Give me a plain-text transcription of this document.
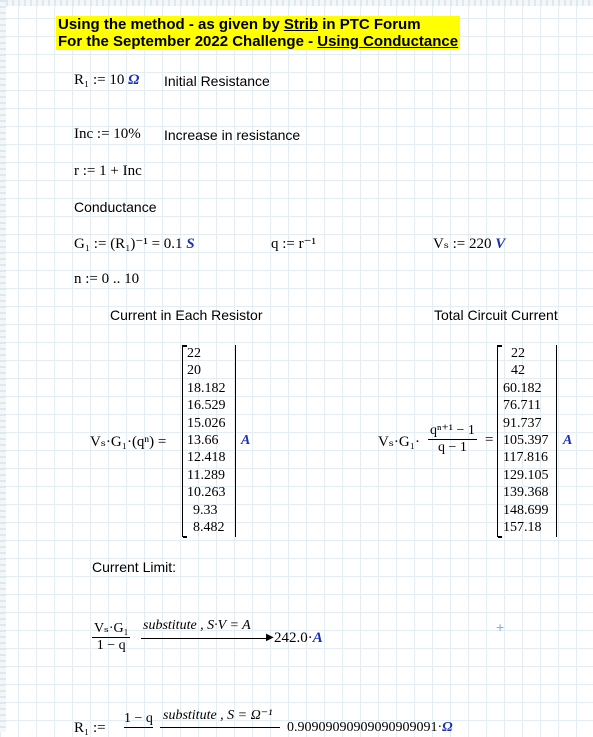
Using the method - as given by Strib in PTC Forum
For the September 2022 Challenge - Using Conductance
R₁ := 10 Ω Initial Resistance
Inc := 10% Increase in resistance
r := 1 + Inc
Conductance
G₁ := (R₁)⁻¹ = 0.1 S	q := r⁻¹	Vₛ := 220 V
n := 0 .. 10
Current in Each Resistor	Total Circuit Current
Vₛ·G₁·(qⁿ) =
22
20
18.182
16.529
15.026
13.66
12.418
11.289
10.263
9.33
8.482
A	$V_s\cdot G_1\cdot \frac{\text{qⁿ⁺¹ − 1}}{q - 1}$ =
22
42
60.182
76.711
91.737
105.397
117.816
129.105
139.368
148.699
157.18
A
Current Limit:
$\frac{\text{Vₛ·G₁}}{1 - q}$ substitute , S·V = A
▶ 242.0·A
+
R₁ :=
1 − q substitute , S = Ω⁻¹
0.90909090909090909091·Ω
